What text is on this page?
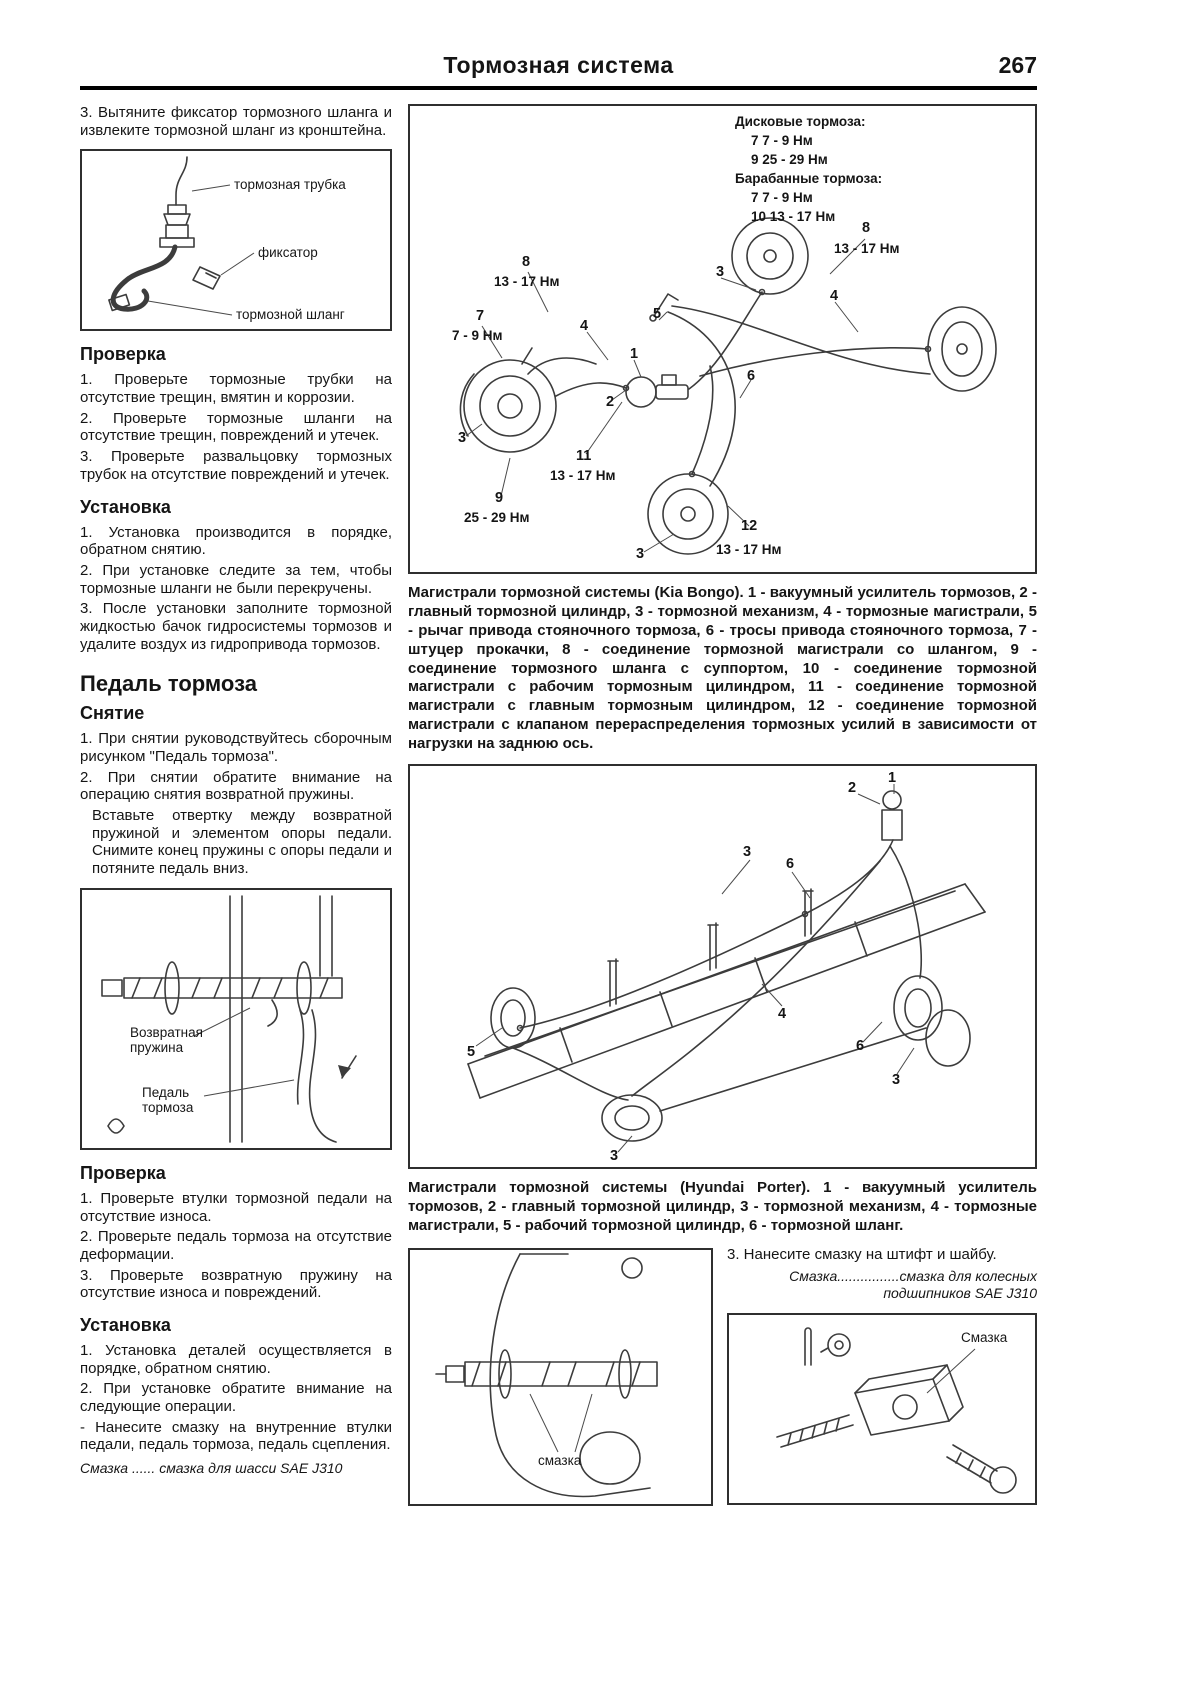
Тормозная система	267

3. Вытяните фиксатор тормозного шланга и извлеките тормозной шланг из кронштейна.

тормозная трубка
фиксатор
тормозной шланг
Проверка

1. Проверьте тормозные трубки на отсутствие трещин, вмятин и коррозии.

2. Проверьте тормозные шланги на отсутствие трещин, повреждений и утечек.

3. Проверьте развальцовку тормозных трубок на отсутствие повреждений и утечек.

Установка

1. Установка производится в порядке, обратном снятию.

2. При установке следите за тем, чтобы тормозные шланги не были перекручены.

3. После установки заполните тормозной жидкостью бачок гидросистемы тормозов и удалите воздух из гидропривода тормозов.

Педаль тормоза
Снятие

1. При снятии руководствуйтесь сборочным рисунком "Педаль тормоза".

2. При снятии обратите внимание на операцию снятия возвратной пружины.

Вставьте отвертку между возвратной пружиной и элементом опоры педали. Снимите конец пружины с опоры педали и потяните педаль вниз.

Возвратная пружина
Педаль тормоза
Проверка

1. Проверьте втулки тормозной педали на отсутствие износа.

2. Проверьте педаль тормоза на отсутствие деформации.

3. Проверьте возвратную пружину на отсутствие износа и повреждений.

Установка

1. Установка деталей осуществляется в порядке, обратном снятию.

2. При установке обратите внимание на следующие операции.

- Нанесите смазку на внутренние втулки педали, педаль тормоза, педаль сцепления.

Смазка ...... смазка для шасси SAE J310

Дисковые тормоза:
7 7 - 9 Нм
9 25 - 29 Нм
Барабанные тормоза:
7 7 - 9 Нм
10 13 - 17 Нм
8
13 - 17 Нм
8
13 - 17 Нм
7
7 - 9 Нм
3
5
4
4
1
2
6
3
11
13 - 17 Нм
9
25 - 29 Нм
12
13 - 17 Нм
3

Магистрали тормозной системы (Kia Bongo). 1 - вакуумный усилитель тормозов, 2 - главный тормозной цилиндр, 3 - тормозной механизм, 4 - тормозные магистрали, 5 - рычаг привода стояночного тормоза, 6 - тросы привода стояночного тормоза, 7 - штуцер прокачки, 8 - соединение тормозной магистрали со шлангом, 9 - соединение тормозного шланга с суппортом, 10 - соединение тормозной магистрали с рабочим тормозным цилиндром, 11 - соединение тормозной магистрали с главным тормозным цилиндром, 12 - соединение тормозной магистрали с клапаном перераспределения тормозных усилий в зависимости от нагрузки на заднюю ось.

1
2
3
6
4
5	6
3
3

Магистрали тормозной системы (Hyundai Porter). 1 - вакуумный усилитель тормозов, 2 - главный тормозной цилиндр, 3 - тормозной механизм, 4 - тормозные магистрали, 5 - рабочий тормозной цилиндр, 6 - тормозной шланг.

смазка

3. Нанесите смазку на штифт и шайбу.

Смазка................смазка для колесных подшипников SAE J310

Смазка
